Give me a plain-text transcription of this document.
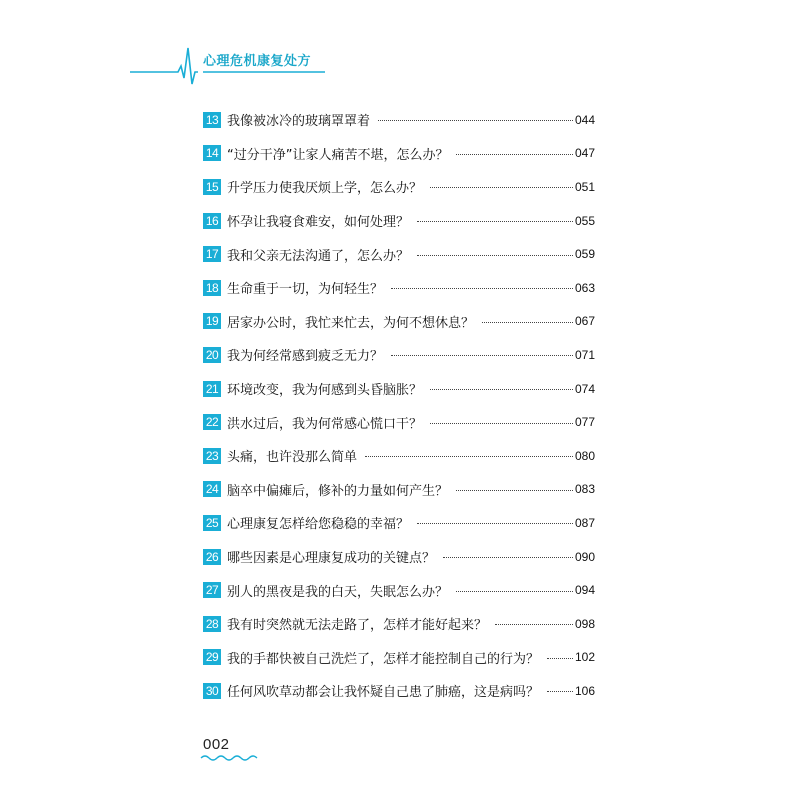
心理危机康复处方
13 我像被冰冷的玻璃罩罩着	044
14 “过分干净”让家人痛苦不堪，怎么办？	047
15 升学压力使我厌烦上学，怎么办？	051
16 怀孕让我寝食难安，如何处理？	055
17 我和父亲无法沟通了，怎么办？	059
18 生命重于一切，为何轻生？	063
19 居家办公时，我忙来忙去，为何不想休息？	067
20 我为何经常感到疲乏无力？	071
21 环境改变，我为何感到头昏脑胀？	074
22 洪水过后，我为何常感心慌口干？	077
23 头痛，也许没那么简单	080
24 脑卒中偏瘫后，修补的力量如何产生？	083
25 心理康复怎样给您稳稳的幸福？	087
26 哪些因素是心理康复成功的关键点？	090
27 别人的黑夜是我的白天，失眠怎么办？	094
28 我有时突然就无法走路了，怎样才能好起来？	098
29 我的手都快被自己洗烂了，怎样才能控制自己的行为？	102
30 任何风吹草动都会让我怀疑自己患了肺癌，这是病吗？	106
002
